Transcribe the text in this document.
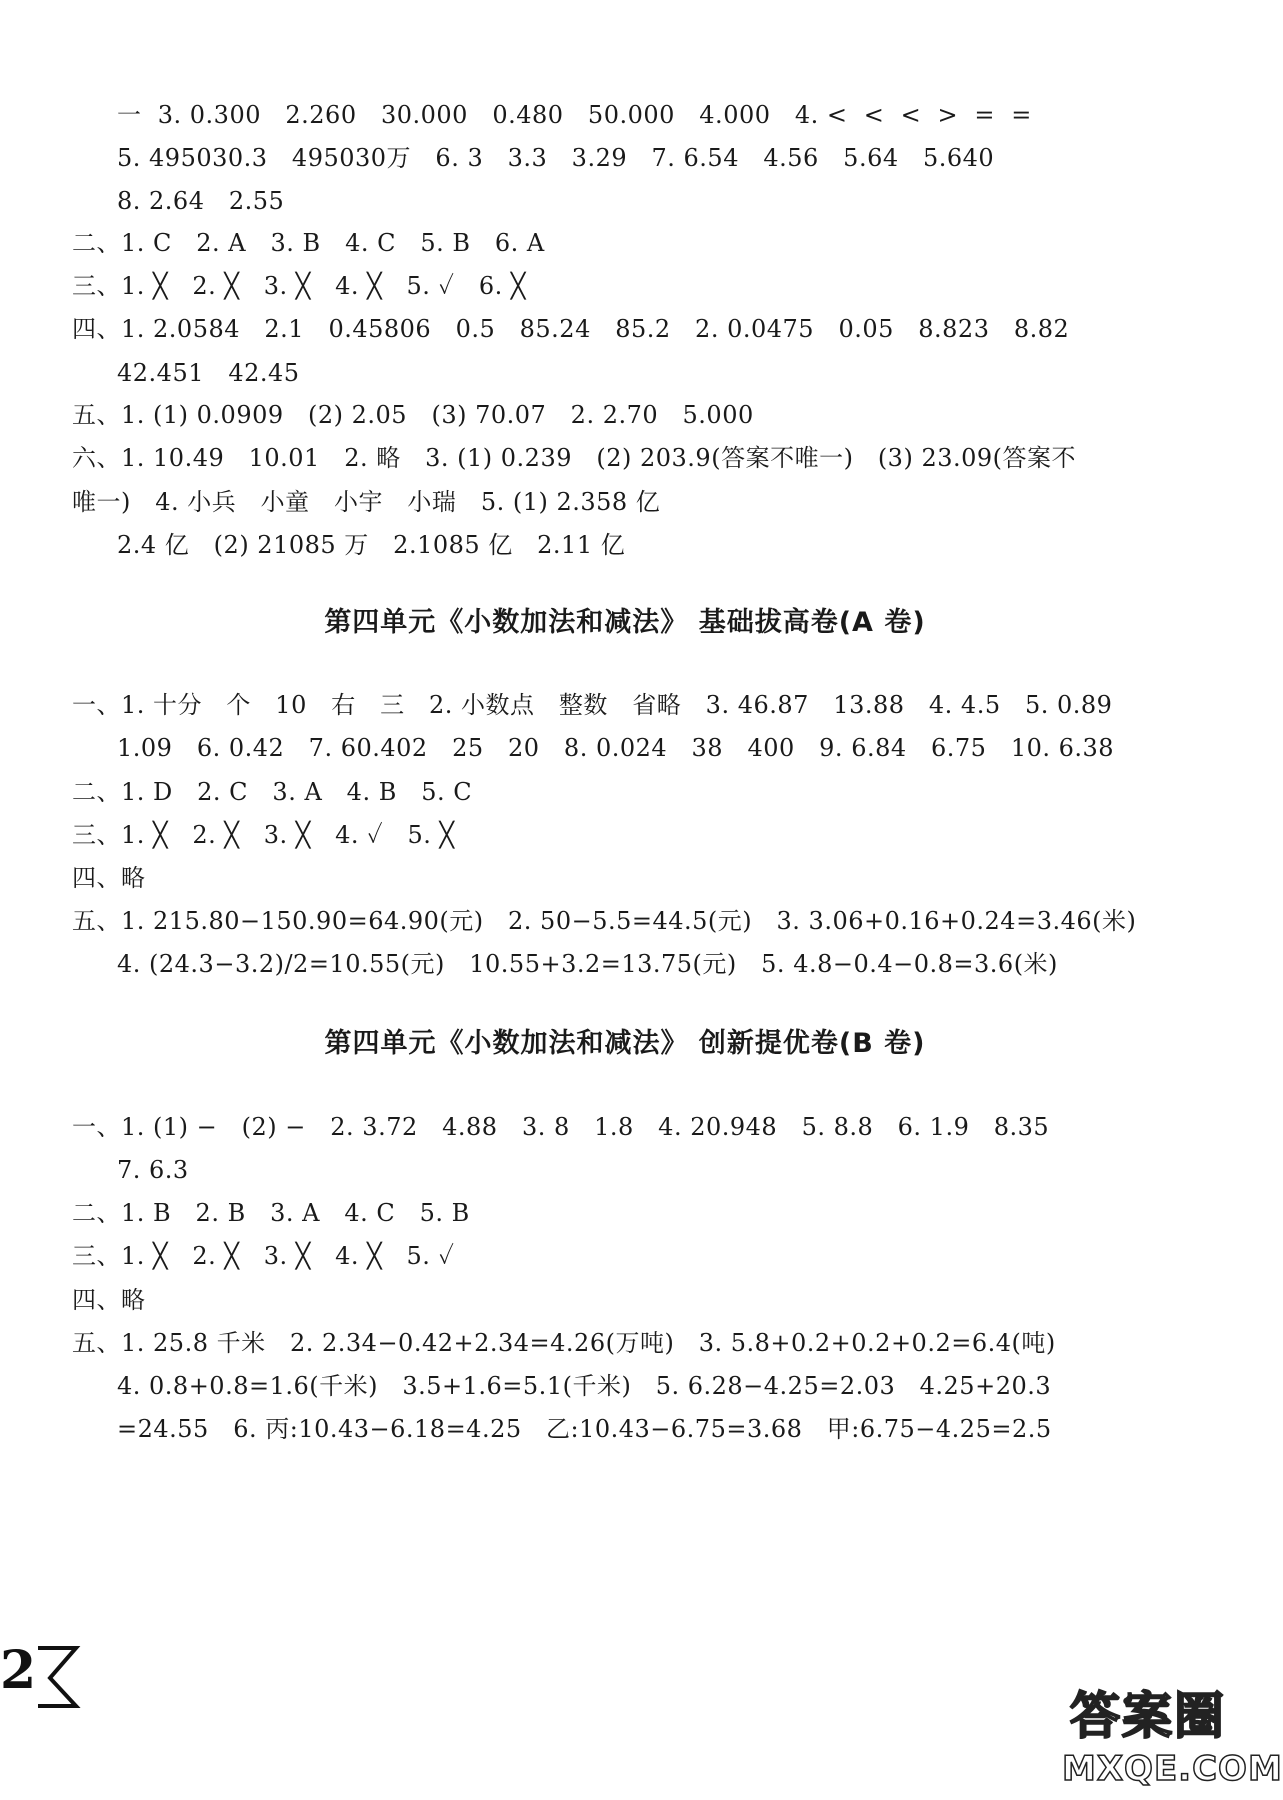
一  3. 0.300   2.260   30.000   0.480   50.000   4.000   4. <  <  <  >  =  =
5. 495030.3   495030万   6. 3   3.3   3.29   7. 6.54   4.56   5.64   5.640
8. 2.64   2.55
二、1. C   2. A   3. B   4. C   5. B   6. A
三、1. ╳   2. ╳   3. ╳   4. ╳   5. ✓   6. ╳
四、1. 2.0584   2.1   0.45806   0.5   85.24   85.2   2. 0.0475   0.05   8.823   8.82
42.451   42.45
五、1. (1) 0.0909   (2) 2.05   (3) 70.07   2. 2.70   5.000
六、1. 10.49   10.01   2. 略   3. (1) 0.239   (2) 203.9(答案不唯一)   (3) 23.09(答案不
唯一)   4. 小兵   小童   小宇   小瑞   5. (1) 2.358 亿
2.4 亿   (2) 21085 万   2.1085 亿   2.11 亿
第四单元《小数加法和减法》 基础拔高卷(A 卷)
一、1. 十分   个   10   右   三   2. 小数点   整数   省略   3. 46.87   13.88   4. 4.5   5. 0.89
1.09   6. 0.42   7. 60.402   25   20   8. 0.024   38   400   9. 6.84   6.75   10. 6.38
二、1. D   2. C   3. A   4. B   5. C
三、1. ╳   2. ╳   3. ╳   4. ✓   5. ╳
四、略
五、1. 215.80−150.90=64.90(元)   2. 50−5.5=44.5(元)   3. 3.06+0.16+0.24=3.46(米)
4. (24.3−3.2)/2=10.55(元)   10.55+3.2=13.75(元)   5. 4.8−0.4−0.8=3.6(米)
第四单元《小数加法和减法》 创新提优卷(B 卷)
一、1. (1) −   (2) −   2. 3.72   4.88   3. 8   1.8   4. 20.948   5. 8.8   6. 1.9   8.35
7. 6.3
二、1. B   2. B   3. A   4. C   5. B
三、1. ╳   2. ╳   3. ╳   4. ╳   5. ✓
四、略
五、1. 25.8 千米   2. 2.34−0.42+2.34=4.26(万吨)   3. 5.8+0.2+0.2+0.2=6.4(吨)
4. 0.8+0.8=1.6(千米)   3.5+1.6=5.1(千米)   5. 6.28−4.25=2.03   4.25+20.3
=24.55   6. 丙:10.43−6.18=4.25   乙:10.43−6.75=3.68   甲:6.75−4.25=2.5
2
答案圈
MXQE.COM
